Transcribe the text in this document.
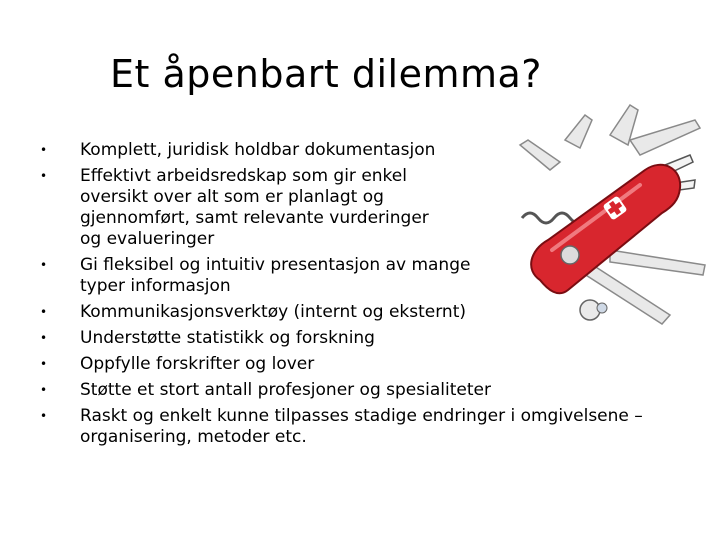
Et åpenbart dilemma?
• Komplett, juridisk holdbar dokumentasjon
• Effektivt arbeidsredskap som gir enkel oversikt over alt som er planlagt og gjennomført, samt relevante vurderinger og evalueringer
• Gi fleksibel og intuitiv presentasjon av mange typer informasjon
• Kommunikasjonsverktøy (internt og eksternt)
• Understøtte statistikk og forskning
• Oppfylle forskrifter og lover
• Støtte et stort antall profesjoner og spesialiteter
• Raskt og enkelt kunne tilpasses stadige endringer i omgivelsene – organisering, metoder etc.
